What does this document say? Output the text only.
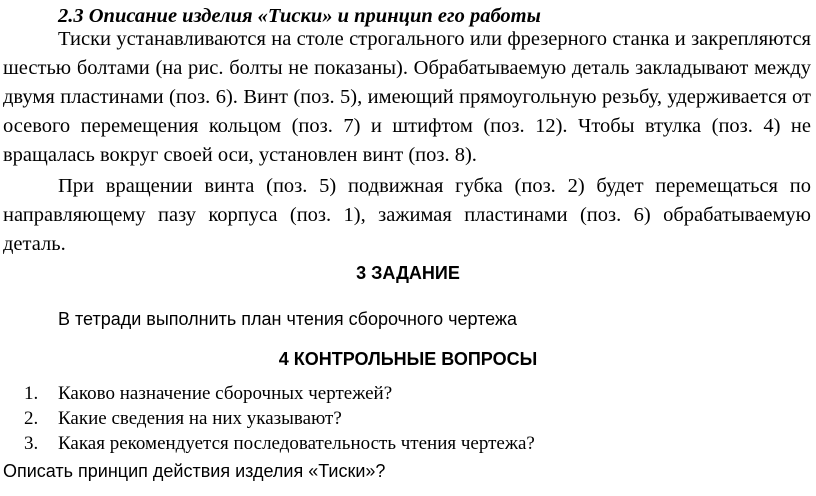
2.3 Описание изделия «Тиски» и принцип его работы
Тиски устанавливаются на столе строгального или фрезерного станка и закрепляются шестью болтами (на рис. болты не показаны). Обрабатываемую деталь закладывают между двумя пластинами (поз. 6). Винт (поз. 5), имеющий прямоугольную резьбу, удерживается от осевого перемещения кольцом (поз. 7) и штифтом (поз. 12). Чтобы втулка (поз. 4) не вращалась вокруг своей оси, установлен винт (поз. 8).
При вращении винта (поз. 5) подвижная губка (поз. 2) будет перемещаться по направляющему пазу корпуса (поз. 1), зажимая пластинами (поз. 6) обрабатываемую деталь.
3 ЗАДАНИЕ
В тетради выполнить план чтения сборочного чертежа
4 КОНТРОЛЬНЫЕ ВОПРОСЫ
1.	Каково назначение сборочных чертежей?
2.	Какие сведения на них указывают?
3.	Какая рекомендуется последовательность чтения чертежа?
Описать принцип действия изделия «Тиски»?
